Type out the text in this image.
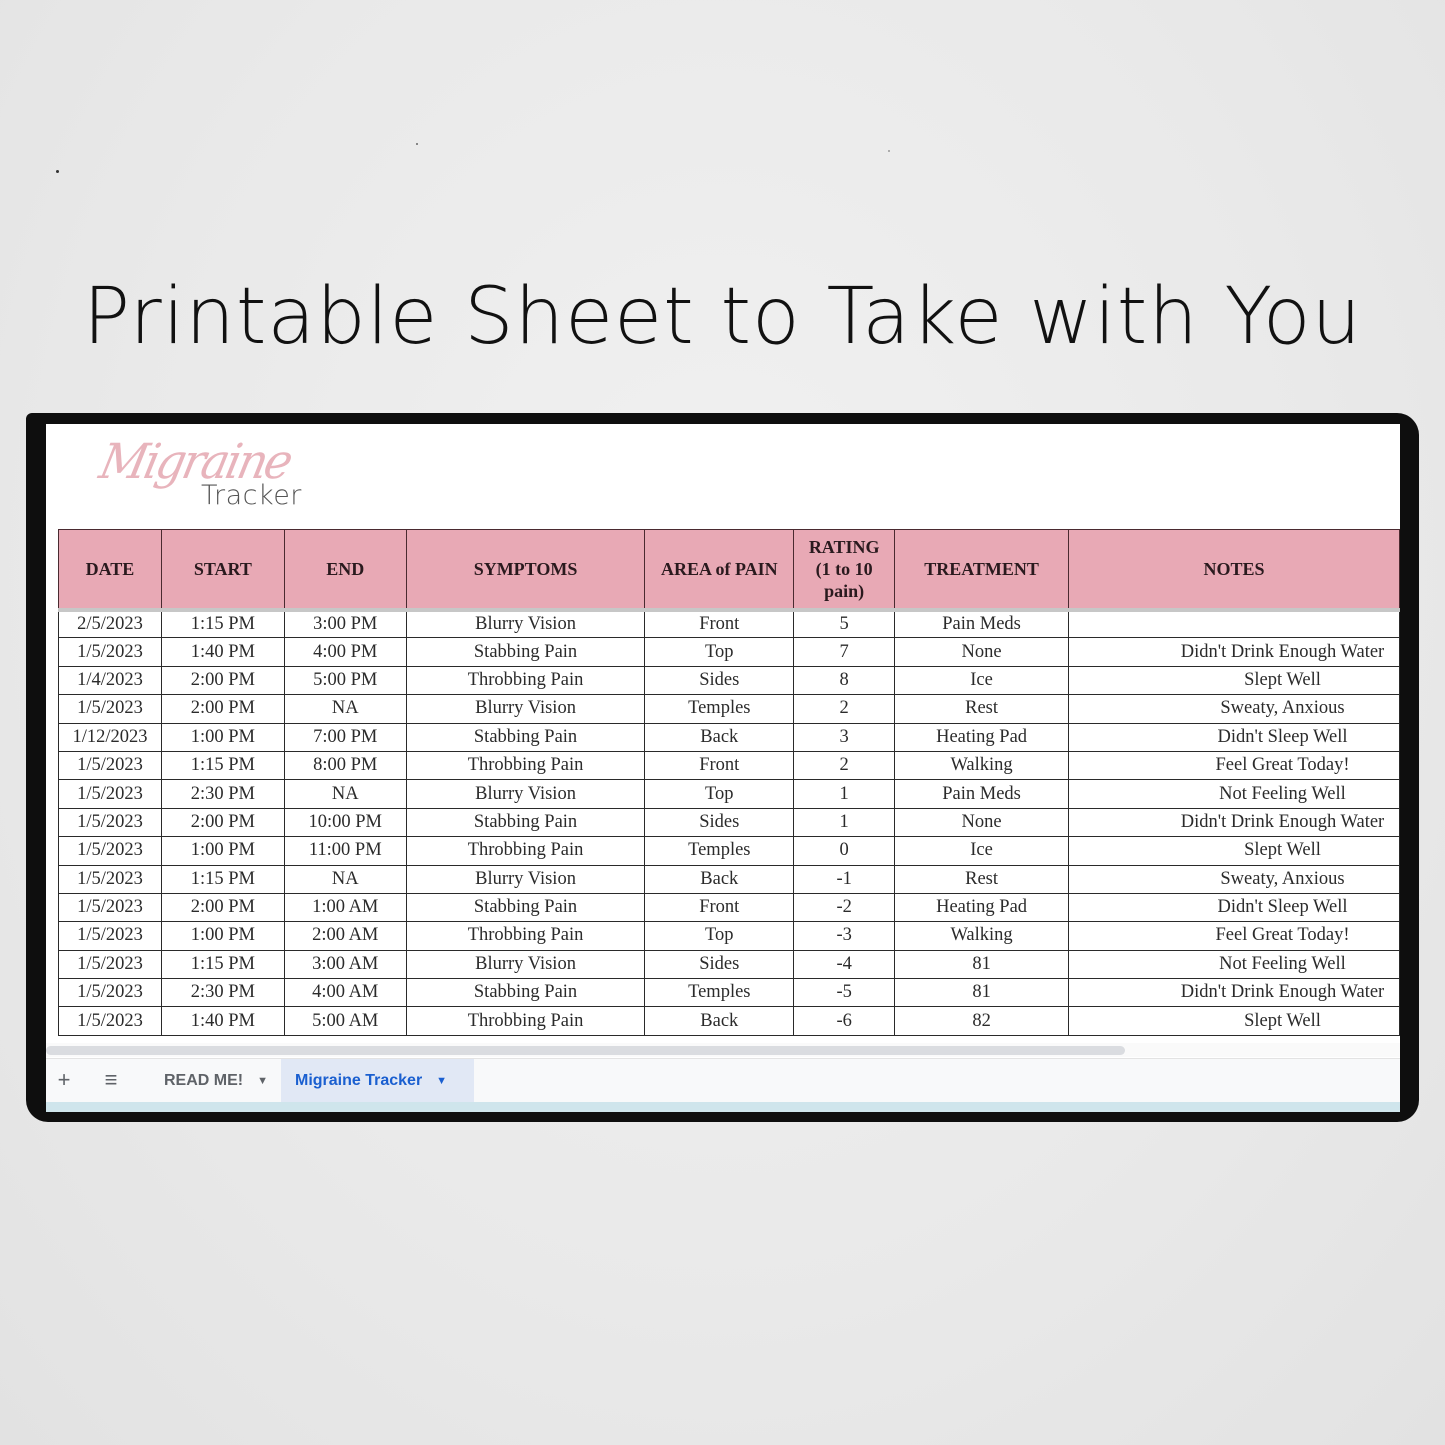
Printable Sheet to Take with You
Migraine
Tracker
DATE	START	END	SYMPTOMS	AREA of PAIN	RATING (1 to 10 pain)	TREATMENT	NOTES
2/5/2023	1:15 PM	3:00 PM	Blurry Vision	Front	5	Pain Meds	
1/5/2023	1:40 PM	4:00 PM	Stabbing Pain	Top	7	None	Didn't Drink Enough Water
1/4/2023	2:00 PM	5:00 PM	Throbbing Pain	Sides	8	Ice	Slept Well
1/5/2023	2:00 PM	NA	Blurry Vision	Temples	2	Rest	Sweaty, Anxious
1/12/2023	1:00 PM	7:00 PM	Stabbing Pain	Back	3	Heating Pad	Didn't Sleep Well
1/5/2023	1:15 PM	8:00 PM	Throbbing Pain	Front	2	Walking	Feel Great Today!
1/5/2023	2:30 PM	NA	Blurry Vision	Top	1	Pain Meds	Not Feeling Well
1/5/2023	2:00 PM	10:00 PM	Stabbing Pain	Sides	1	None	Didn't Drink Enough Water
1/5/2023	1:00 PM	11:00 PM	Throbbing Pain	Temples	0	Ice	Slept Well
1/5/2023	1:15 PM	NA	Blurry Vision	Back	-1	Rest	Sweaty, Anxious
1/5/2023	2:00 PM	1:00 AM	Stabbing Pain	Front	-2	Heating Pad	Didn't Sleep Well
1/5/2023	1:00 PM	2:00 AM	Throbbing Pain	Top	-3	Walking	Feel Great Today!
1/5/2023	1:15 PM	3:00 AM	Blurry Vision	Sides	-4	81	Not Feeling Well
1/5/2023	2:30 PM	4:00 AM	Stabbing Pain	Temples	-5	81	Didn't Drink Enough Water
1/5/2023	1:40 PM	5:00 AM	Throbbing Pain	Back	-6	82	Slept Well
+	≡	READ ME! ▼ Migraine Tracker ▼
